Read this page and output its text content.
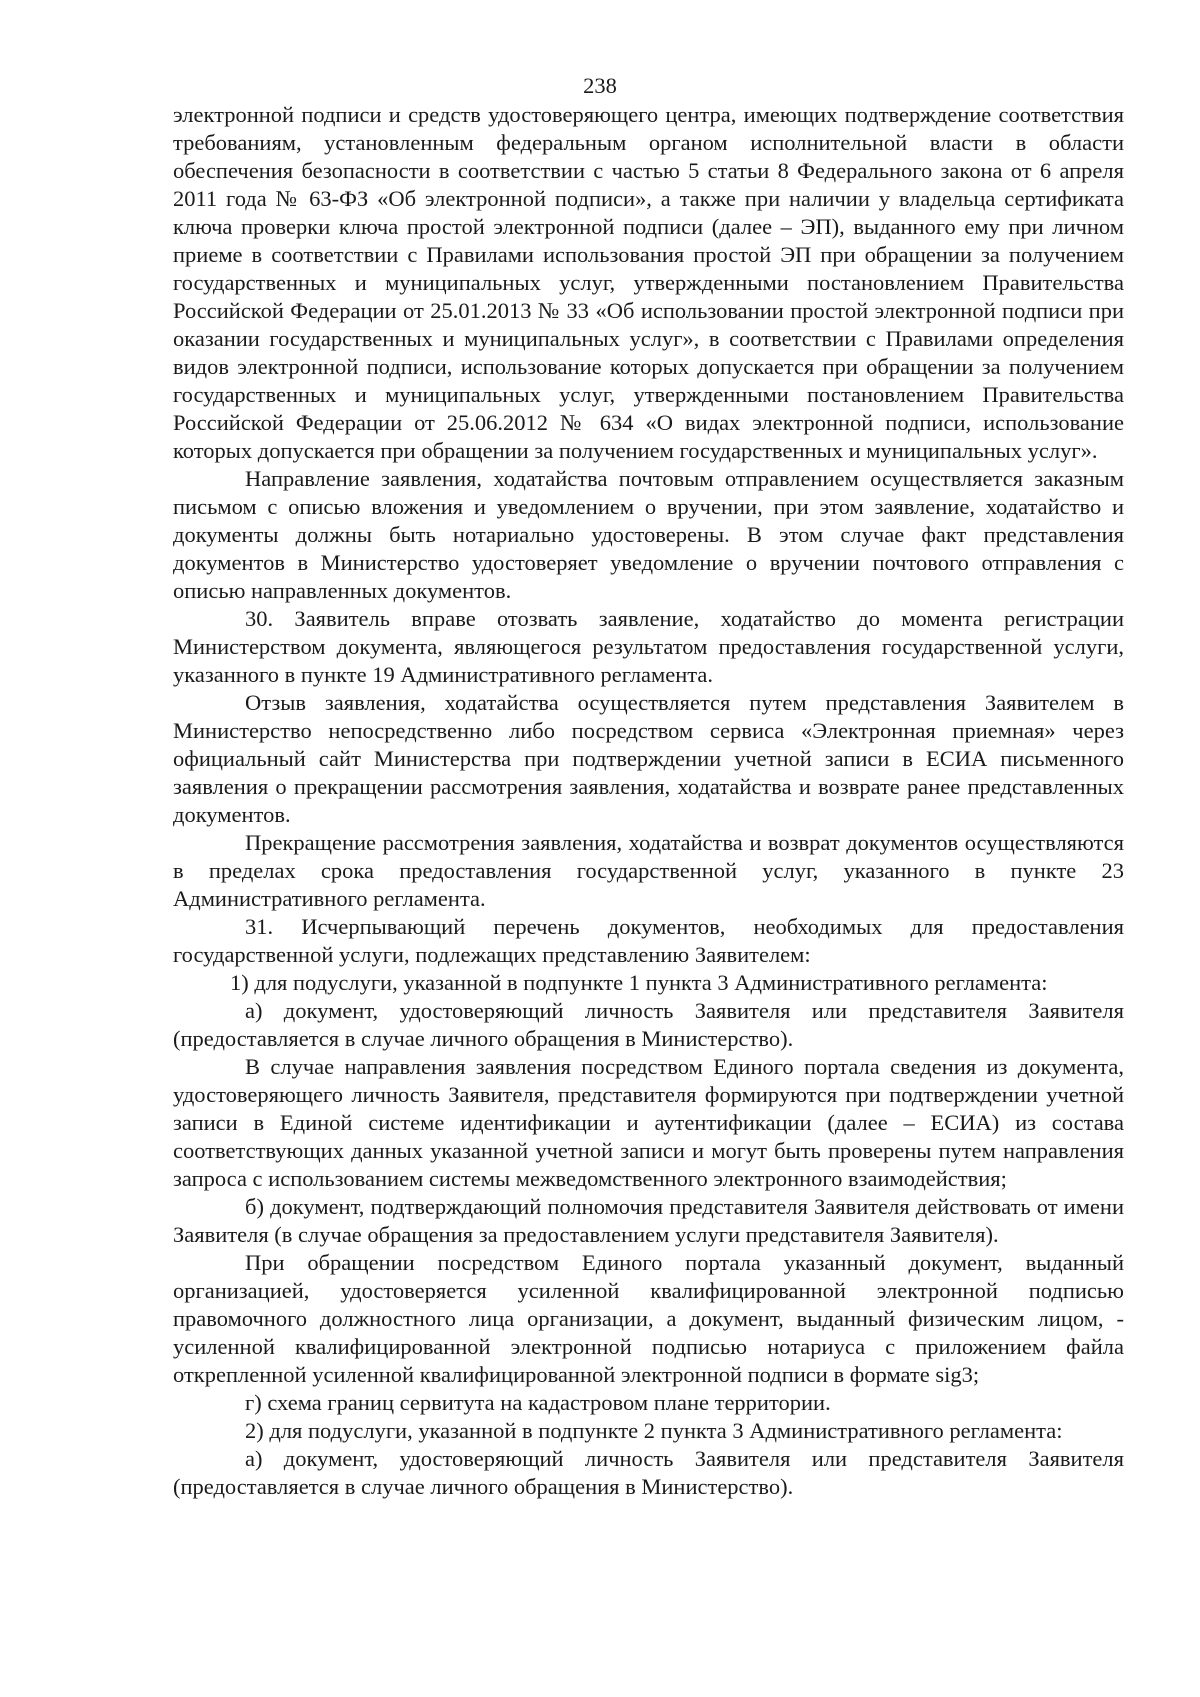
238

электронной подписи и средств удостоверяющего центра, имеющих подтверждение соответствия требованиям, установленным федеральным органом исполнительной власти в области обеспечения безопасности в соответствии с частью 5 статьи 8 Федерального закона от 6 апреля 2011 года № 63-ФЗ «Об электронной подписи», а также при наличии у владельца сертификата ключа проверки ключа простой электронной подписи (далее – ЭП), выданного ему при личном приеме в соответствии с Правилами использования простой ЭП при обращении за получением государственных и муниципальных услуг, утвержденными постановлением Правительства Российской Федерации от 25.01.2013 № 33 «Об использовании простой электронной подписи при оказании государственных и муниципальных услуг», в соответствии с Правилами определения видов электронной подписи, использование которых допускается при обращении за получением государственных и муниципальных услуг, утвержденными постановлением Правительства Российской Федерации от 25.06.2012 № 634 «О видах электронной подписи, использование которых допускается при обращении за получением государственных и муниципальных услуг».

Направление заявления, ходатайства почтовым отправлением осуществляется заказным письмом с описью вложения и уведомлением о вручении, при этом заявление, ходатайство и документы должны быть нотариально удостоверены. В этом случае факт представления документов в Министерство удостоверяет уведомление о вручении почтового отправления с описью направленных документов.

30. Заявитель вправе отозвать заявление, ходатайство до момента регистрации Министерством документа, являющегося результатом предоставления государственной услуги, указанного в пункте 19 Административного регламента.

Отзыв заявления, ходатайства осуществляется путем представления Заявителем в Министерство непосредственно либо посредством сервиса «Электронная приемная» через официальный сайт Министерства при подтверждении учетной записи в ЕСИА письменного заявления о прекращении рассмотрения заявления, ходатайства и возврате ранее представленных документов.

Прекращение рассмотрения заявления, ходатайства и возврат документов осуществляются в пределах срока предоставления государственной услуг, указанного в пункте 23 Административного регламента.

31. Исчерпывающий перечень документов, необходимых для предоставления государственной услуги, подлежащих представлению Заявителем:

1) для подуслуги, указанной в подпункте 1 пункта 3 Административного регламента:

а) документ, удостоверяющий личность Заявителя или представителя Заявителя (предоставляется в случае личного обращения в Министерство).

В случае направления заявления посредством Единого портала сведения из документа, удостоверяющего личность Заявителя, представителя формируются при подтверждении учетной записи в Единой системе идентификации и аутентификации (далее – ЕСИА) из состава соответствующих данных указанной учетной записи и могут быть проверены путем направления запроса с использованием системы межведомственного электронного взаимодействия;

б) документ, подтверждающий полномочия представителя Заявителя действовать от имени Заявителя (в случае обращения за предоставлением услуги представителя Заявителя).

При обращении посредством Единого портала указанный документ, выданный организацией, удостоверяется усиленной квалифицированной электронной подписью правомочного должностного лица организации, а документ, выданный физическим лицом, - усиленной квалифицированной электронной подписью нотариуса с приложением файла открепленной усиленной квалифицированной электронной подписи в формате sig3;

г) схема границ сервитута на кадастровом плане территории.

2) для подуслуги, указанной в подпункте 2 пункта 3 Административного регламента:

а) документ, удостоверяющий личность Заявителя или представителя Заявителя (предоставляется в случае личного обращения в Министерство).
